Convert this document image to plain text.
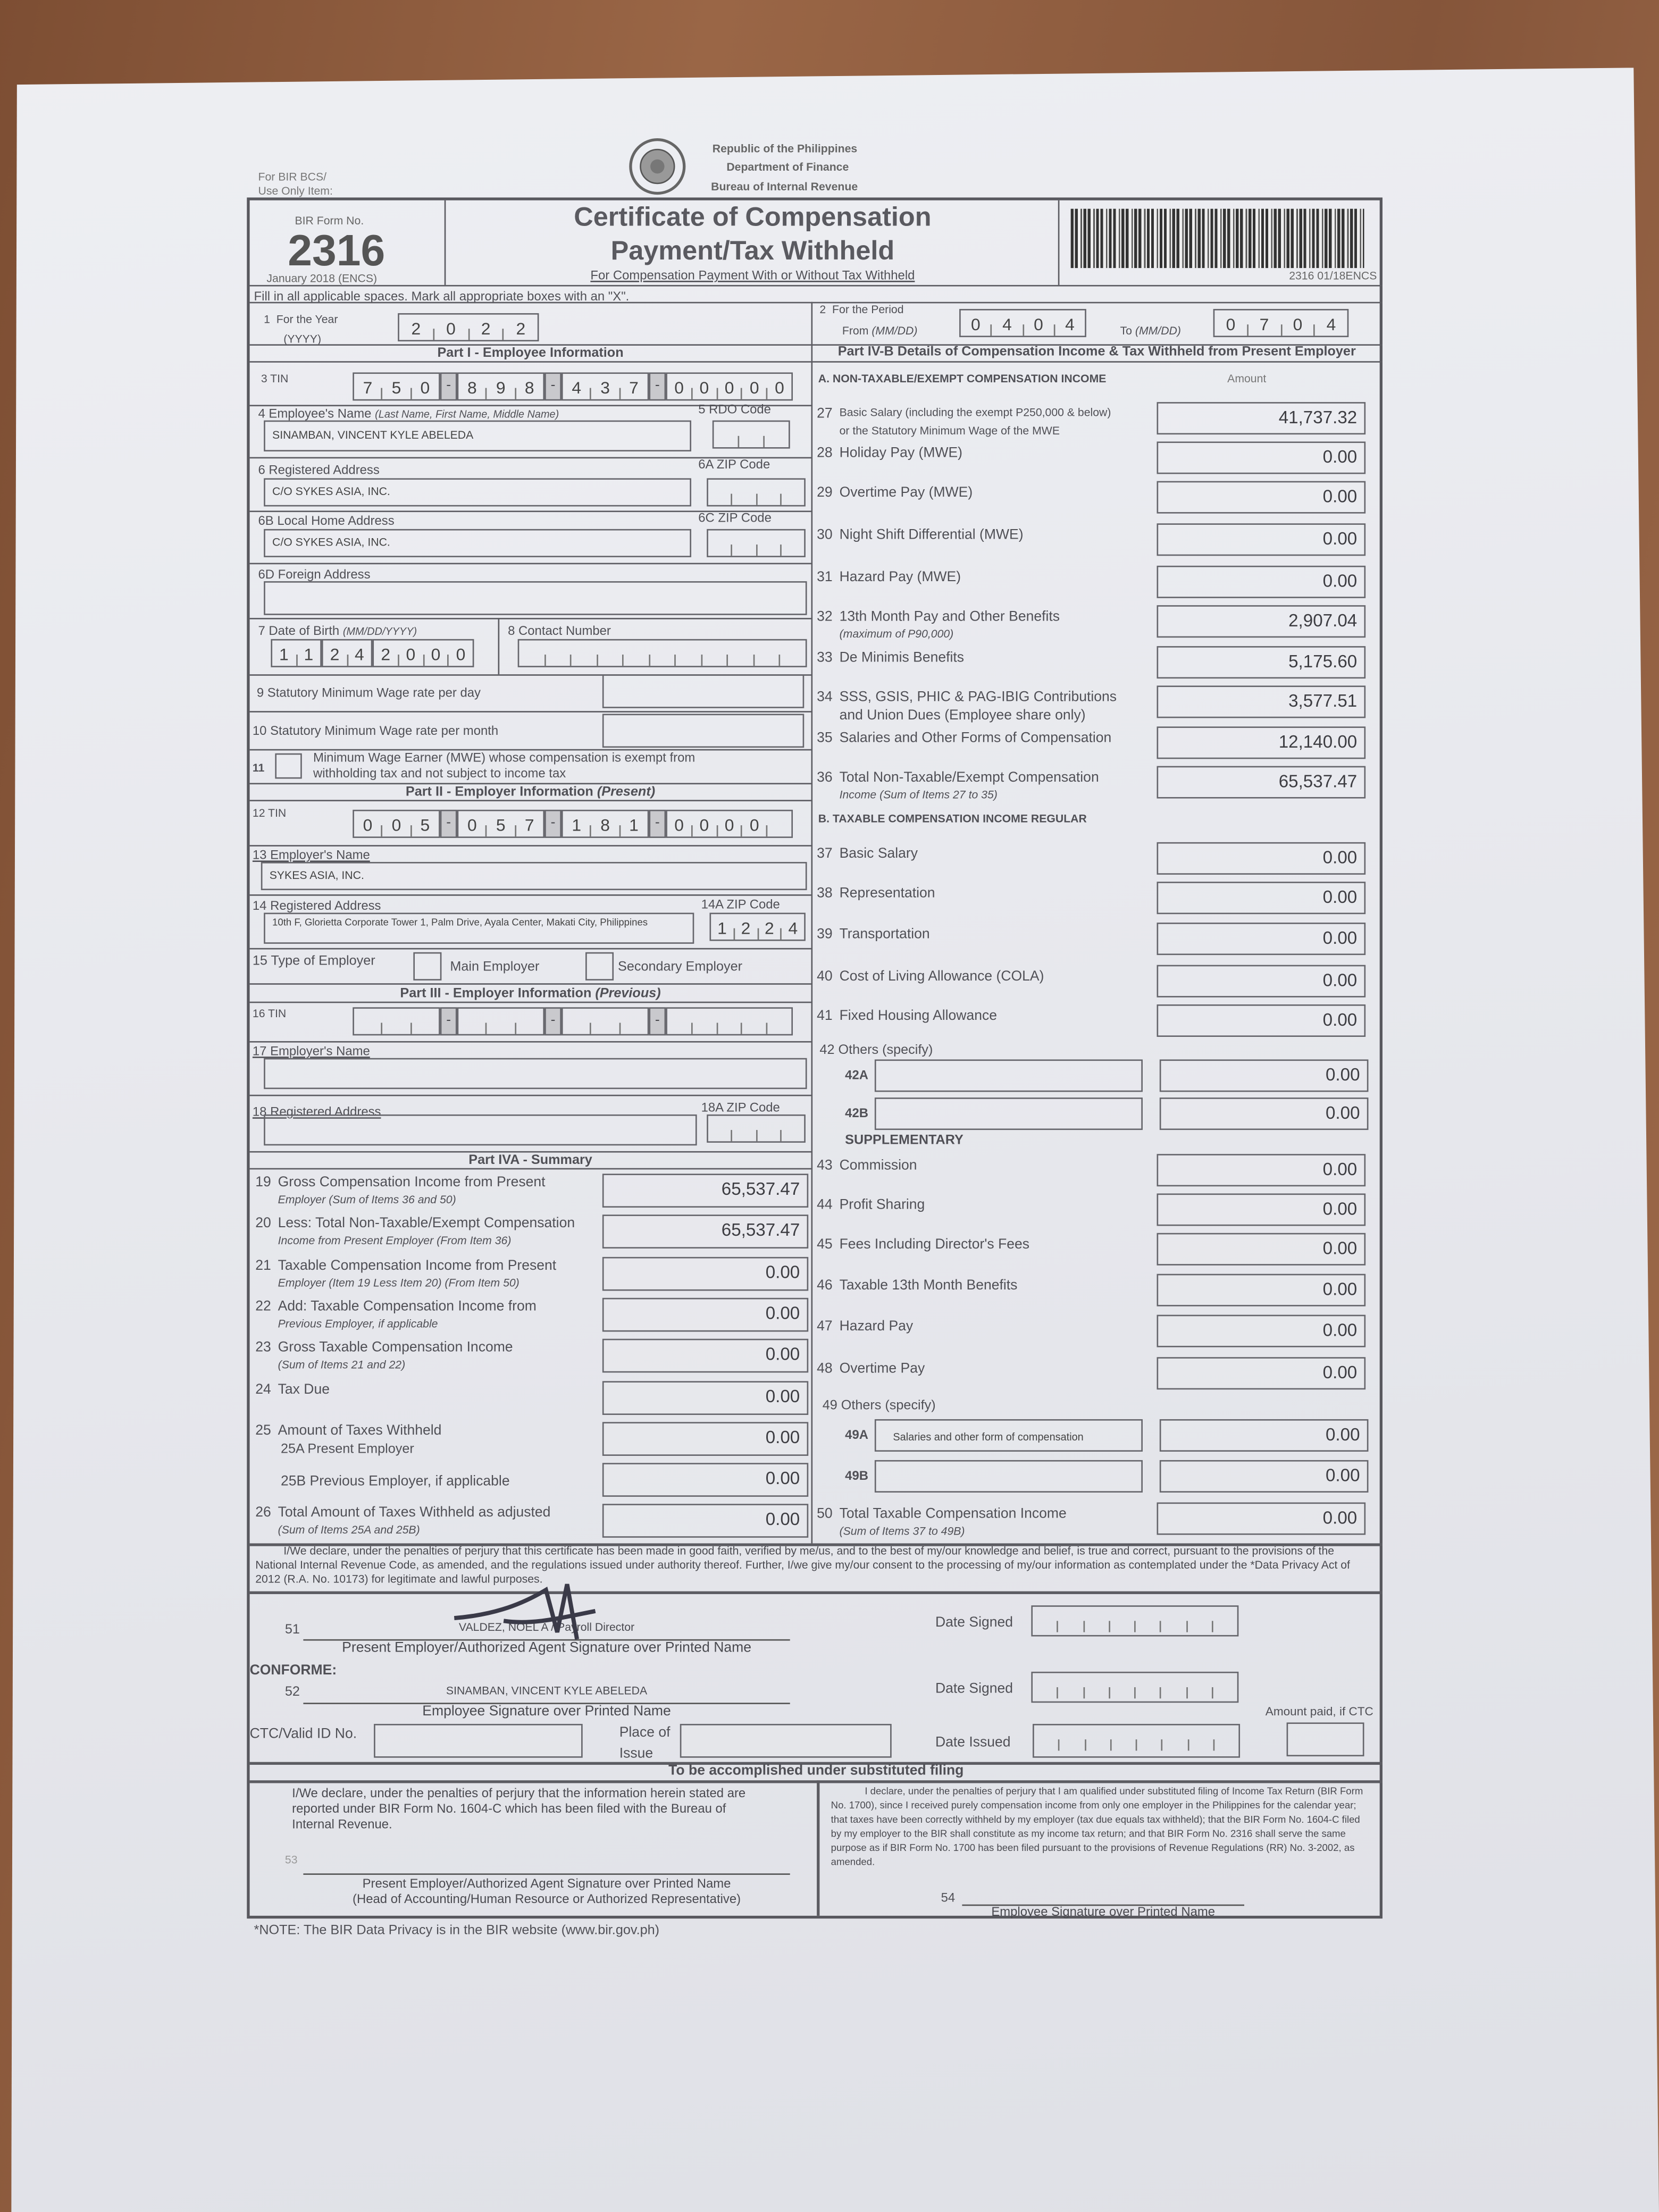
For BIR BCS/
Use Only Item:
Republic of the Philippines
Department of Finance
Bureau of Internal Revenue
BIR Form No.
2316
January 2018 (ENCS)
Certificate of Compensation
Payment/Tax Withheld
For Compensation Payment With or Without Tax Withheld	2316 01/18ENCS
Fill in all applicable spaces. Mark all appropriate boxes with an "X".
1 For the Year
(YYYY)
2	0	2	2
2 For the Period
From (MM/DD)	0	4	0	4	To (MM/DD)	0	7	0	4
Part I - Employee Information	Part IV-B Details of Compensation Income & Tax Withheld from Present Employer
3 TIN	7	5	0	-	8	9	8	-	4	3	7	-	0	0	0	0	0
4 Employee's Name (Last Name, First Name, Middle Name)
SINAMBAN, VINCENT KYLE ABELEDA
5 RDO Code
6 Registered Address
C/O SYKES ASIA, INC.
6A ZIP Code
6B Local Home Address
C/O SYKES ASIA, INC.
6C ZIP Code
6D Foreign Address
7 Date of Birth (MM/DD/YYYY)
1	1	2	4	2	0	0	0
8 Contact Number
9 Statutory Minimum Wage rate per day
10 Statutory Minimum Wage rate per month
11
Minimum Wage Earner (MWE) whose compensation is exempt from
withholding tax and not subject to income tax
Part II - Employer Information (Present)
12 TIN
0	0	5	-	0	5	7	-	1	8	1	-	0	0	0	0
13 Employer's Name
SYKES ASIA, INC.
14 Registered Address
10th F, Glorietta Corporate Tower 1, Palm Drive, Ayala Center, Makati City, Philippines
14A ZIP Code
1	2	2	4
15 Type of Employer	Main Employer	Secondary Employer
Part III - Employer Information (Previous)
16 TIN	-	-	-
17 Employer's Name
18 Registered Address	18A ZIP Code
Part IVA - Summary
19 Gross Compensation Income from Present
Employer (Sum of Items 36 and 50)
65,537.47
20 Less: Total Non-Taxable/Exempt Compensation
Income from Present Employer (From Item 36)
65,537.47
21 Taxable Compensation Income from Present
Employer (Item 19 Less Item 20) (From Item 50)
0.00
22 Add: Taxable Compensation Income from
Previous Employer, if applicable
0.00
23 Gross Taxable Compensation Income
(Sum of Items 21 and 22)
0.00
24 Tax Due	0.00
25 Amount of Taxes Withheld
25A Present Employer
0.00
25B Previous Employer, if applicable	0.00
26 Total Amount of Taxes Withheld as adjusted
(Sum of Items 25A and 25B)
0.00
A. NON-TAXABLE/EXEMPT COMPENSATION INCOME	Amount
B. TAXABLE COMPENSATION INCOME REGULAR
42 Others (specify)
SUPPLEMENTARY
49 Others (specify)
27 Basic Salary (including the exempt P250,000 & below)
or the Statutory Minimum Wage of the MWE
41,737.32
28 Holiday Pay (MWE)	0.00
29 Overtime Pay (MWE)	0.00
30 Night Shift Differential (MWE)	0.00
31 Hazard Pay (MWE)	0.00
32 13th Month Pay and Other Benefits
(maximum of P90,000)
2,907.04
33 De Minimis Benefits	5,175.60
34 SSS, GSIS, PHIC & PAG-IBIG Contributions
and Union Dues (Employee share only)
3,577.51
35 Salaries and Other Forms of Compensation	12,140.00
36 Total Non-Taxable/Exempt Compensation
Income (Sum of Items 27 to 35)
65,537.47
37 Basic Salary	0.00
38 Representation	0.00
39 Transportation	0.00
40 Cost of Living Allowance (COLA)	0.00
41 Fixed Housing Allowance	0.00
43 Commission	0.00
44 Profit Sharing	0.00
45 Fees Including Director's Fees	0.00
46 Taxable 13th Month Benefits	0.00
47 Hazard Pay	0.00
48 Overtime Pay	0.00
50 Total Taxable Compensation Income
(Sum of Items 37 to 49B)
0.00
42A	0.00
42B	0.00
49A	Salaries and other form of compensation	0.00
49B	0.00
I/We declare, under the penalties of perjury that this certificate has been made in good faith, verified by me/us, and to the best of my/our knowledge and belief, is true and correct, pursuant to the provisions of the National Internal Revenue Code, as amended, and the regulations issued under authority thereof. Further, I/we give my/our consent to the processing of my/our information as contemplated under the *Data Privacy Act of 2012 (R.A. No. 10173) for legitimate and lawful purposes.
51	VALDEZ, NOEL A / Payroll Director
Present Employer/Authorized Agent Signature over Printed Name
CONFORME:
52	SINAMBAN, VINCENT KYLE ABELEDA
Employee Signature over Printed Name
CTC/Valid ID No.	Place of
Issue
Date Signed
Date Signed
Amount paid, if CTC
Date Issued
To be accomplished under substituted filing
I/We declare, under the penalties of perjury that the information herein stated are reported under BIR Form No. 1604-C which has been filed with the Bureau of Internal Revenue.
53
Present Employer/Authorized Agent Signature over Printed Name
(Head of Accounting/Human Resource or Authorized Representative)
I declare, under the penalties of perjury that I am qualified under substituted filing of Income Tax Return (BIR Form No. 1700), since I received purely compensation income from only one employer in the Philippines for the calendar year; that taxes have been correctly withheld by my employer (tax due equals tax withheld); that the BIR Form No. 1604-C filed by my employer to the BIR shall constitute as my income tax return; and that BIR Form No. 2316 shall serve the same purpose as if BIR Form No. 1700 has been filed pursuant to the provisions of Revenue Regulations (RR) No. 3-2002, as amended.
54
Employee Signature over Printed Name
*NOTE: The BIR Data Privacy is in the BIR website (www.bir.gov.ph)
